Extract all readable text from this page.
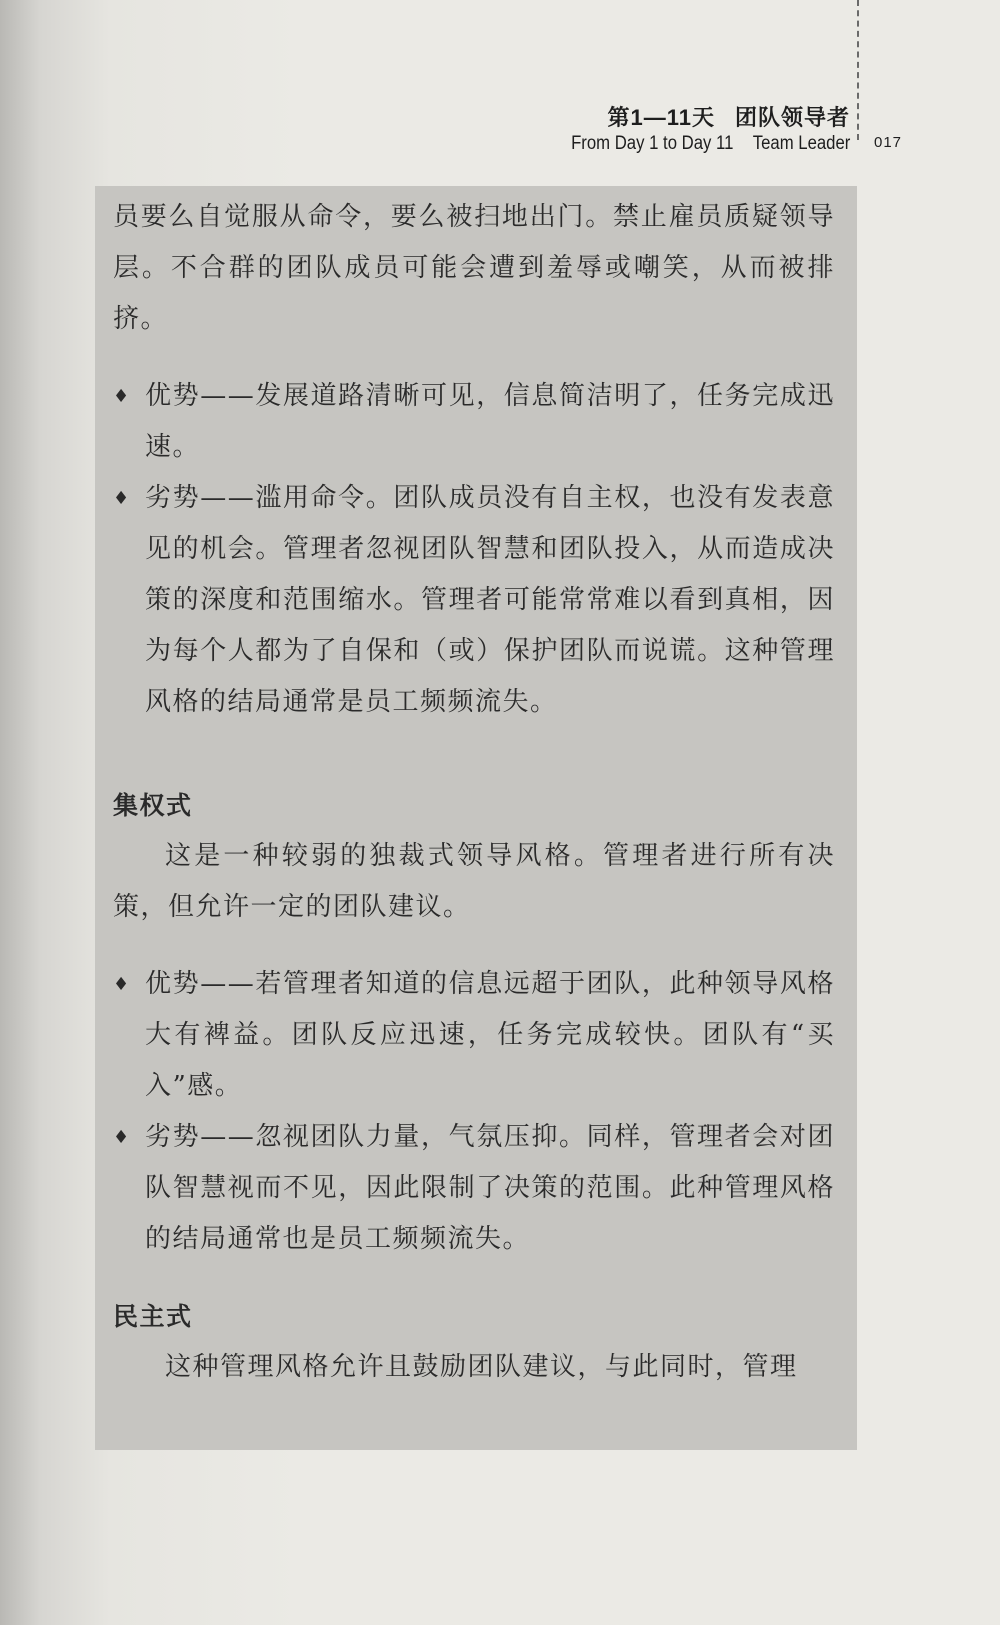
第1—11天 团队领导者
From Day 1 to Day 11 Team Leader 017

员要么自觉服从命令，要么被扫地出门。禁止雇员质疑领导层。不合群的团队成员可能会遭到羞辱或嘲笑，从而被排挤。

♦ 优势——发展道路清晰可见，信息简洁明了，任务完成迅速。

♦ 劣势——滥用命令。团队成员没有自主权，也没有发表意见的机会。管理者忽视团队智慧和团队投入，从而造成决策的深度和范围缩水。管理者可能常常难以看到真相，因为每个人都为了自保和（或）保护团队而说谎。这种管理风格的结局通常是员工频频流失。

集权式

这是一种较弱的独裁式领导风格。管理者进行所有决策，但允许一定的团队建议。

♦ 优势——若管理者知道的信息远超于团队，此种领导风格大有裨益。团队反应迅速，任务完成较快。团队有“买入”感。

♦ 劣势——忽视团队力量，气氛压抑。同样，管理者会对团队智慧视而不见，因此限制了决策的范围。此种管理风格的结局通常也是员工频频流失。

民主式

这种管理风格允许且鼓励团队建议，与此同时，管理
